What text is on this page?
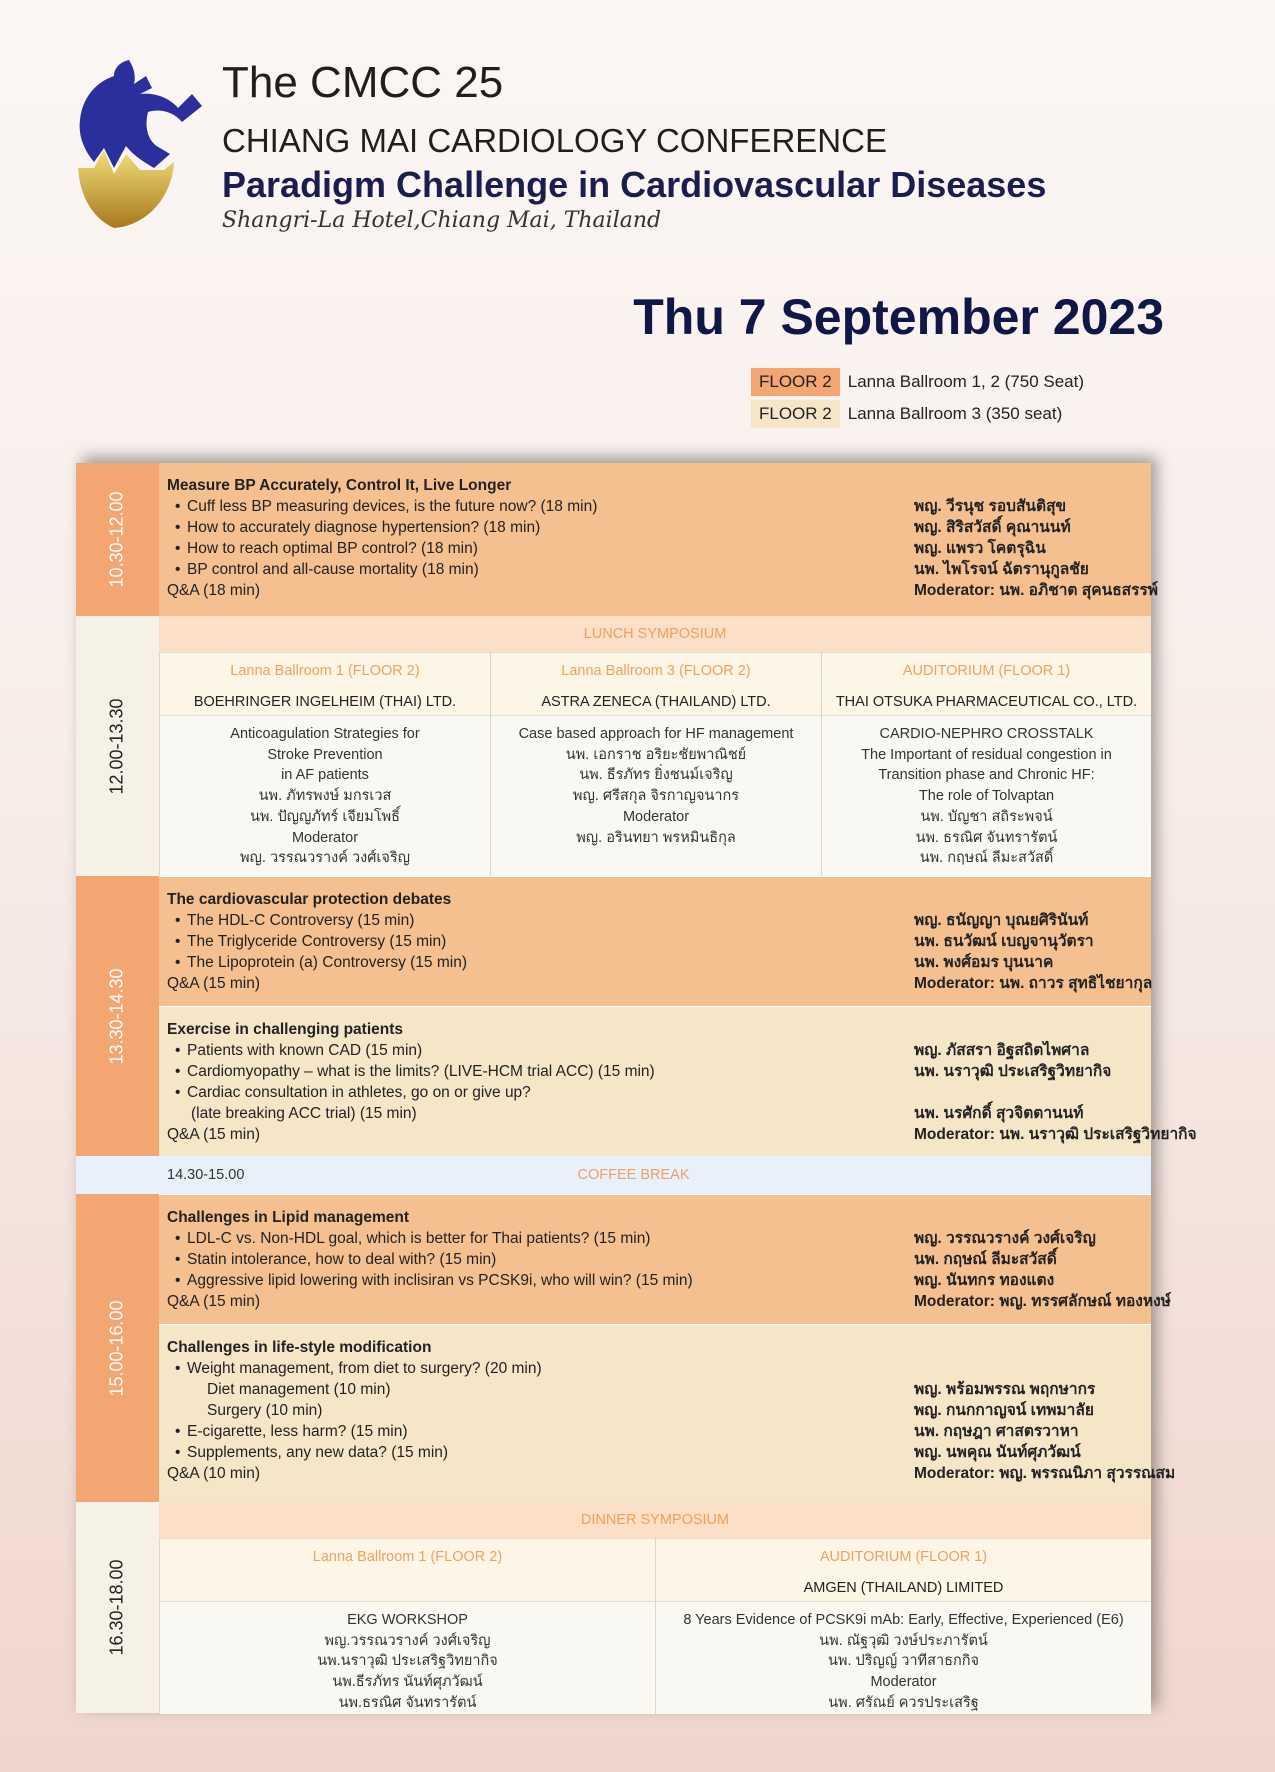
The CMCC 25
CHIANG MAI CARDIOLOGY CONFERENCE
Paradigm Challenge in Cardiovascular Diseases
Shangri-La Hotel,Chiang Mai, Thailand
Thu 7 September 2023
FLOOR 2 Lanna Ballroom 1, 2 (750 Seat)
FLOOR 2 Lanna Ballroom 3 (350 seat)
10.30-12.00
Measure BP Accurately, Control It, Live Longer
• Cuff less BP measuring devices, is the future now? (18 min)
• How to accurately diagnose hypertension? (18 min)
• How to reach optimal BP control? (18 min)
• BP control and all-cause mortality (18 min)
Q&A (18 min)
พญ. วีรนุช รอบสันติสุข
พญ. สิริสวัสดิ์ คุณานนท์
พญ. แพรว โคตรุฉิน
นพ. ไพโรจน์ ฉัตรานุกูลชัย
Moderator: นพ. อภิชาต สุคนธสรรพ์
12.00-13.30
LUNCH SYMPOSIUM
Lanna Ballroom 1 (FLOOR 2)
BOEHRINGER INGELHEIM (THAI) LTD.
Anticoagulation Strategies for
Stroke Prevention
in AF patients
นพ. ภัทรพงษ์ มกรเวส
นพ. ปัญญภัทร์ เจียมโพธิ์
Moderator
พญ. วรรณวรางค์ วงศ์เจริญ
Lanna Ballroom 3 (FLOOR 2)
ASTRA ZENECA (THAILAND) LTD.
Case based approach for HF management
นพ. เอกราช อริยะชัยพาณิชย์
นพ. ธีรภัทร ยิ่งชนม์เจริญ
พญ. ศรีสกุล จิรกาญจนากร
Moderator
พญ. อรินทยา พรหมินธิกุล
AUDITORIUM (FLOOR 1)
THAI OTSUKA PHARMACEUTICAL CO., LTD.
CARDIO-NEPHRO CROSSTALK
The Important of residual congestion in
Transition phase and Chronic HF:
The role of Tolvaptan
นพ. บัญชา สถิระพจน์
นพ. ธรณิศ จันทรารัตน์
นพ. กฤษณ์ ลีมะสวัสดิ์
13.30-14.30
The cardiovascular protection debates
• The HDL-C Controversy (15 min)
• The Triglyceride Controversy (15 min)
• The Lipoprotein (a) Controversy (15 min)
Q&A (15 min)
พญ. ธนัญญา บุณยศิรินันท์
นพ. ธนวัฒน์ เบญจานุวัตรา
นพ. พงศ์อมร บุนนาค
Moderator: นพ. ถาวร สุทธิไชยากุล
Exercise in challenging patients
• Patients with known CAD (15 min)
• Cardiomyopathy – what is the limits? (LIVE-HCM trial ACC) (15 min)
• Cardiac consultation in athletes, go on or give up?
(late breaking ACC trial) (15 min)
Q&A (15 min)
พญ. ภัสสรา อิฐสถิตไพศาล
นพ. นราวุฒิ ประเสริฐวิทยากิจ
นพ. นรศักดิ์ สุวจิตตานนท์
Moderator: นพ. นราวุฒิ ประเสริฐวิทยากิจ
14.30-15.00	COFFEE BREAK
15.00-16.00
Challenges in Lipid management
• LDL-C vs. Non-HDL goal, which is better for Thai patients? (15 min)
• Statin intolerance, how to deal with? (15 min)
• Aggressive lipid lowering with inclisiran vs PCSK9i, who will win? (15 min)
Q&A (15 min)
พญ. วรรณวรางค์ วงศ์เจริญ
นพ. กฤษณ์ ลีมะสวัสดิ์
พญ. นันทกร ทองแตง
Moderator: พญ. ทรรศลักษณ์ ทองหงษ์
Challenges in life-style modification
• Weight management, from diet to surgery? (20 min)
Diet management (10 min)
Surgery (10 min)
• E-cigarette, less harm? (15 min)
• Supplements, any new data? (15 min)
Q&A (10 min)
พญ. พร้อมพรรณ พฤกษากร
พญ. กนกกาญจน์ เทพมาลัย
นพ. กฤษฎา ศาสตรวาหา
พญ. นพคุณ นันท์ศุภวัฒน์
Moderator: พญ. พรรณนิภา สุวรรณสม
16.30-18.00
DINNER SYMPOSIUM
Lanna Ballroom 1 (FLOOR 2)
EKG WORKSHOP
พญ.วรรณวรางค์ วงศ์เจริญ
นพ.นราวุฒิ ประเสริฐวิทยากิจ
นพ.ธีรภัทร นันท์ศุภวัฒน์
นพ.ธรณิศ จันทรารัตน์
AUDITORIUM (FLOOR 1)
AMGEN (THAILAND) LIMITED
8 Years Evidence of PCSK9i mAb: Early, Effective, Experienced (E6)
นพ. ณัฐวุฒิ วงษ์ประภารัตน์
นพ. ปริญญ์ วาทีสาธกกิจ
Moderator
นพ. ศรัณย์ ควรประเสริฐ
